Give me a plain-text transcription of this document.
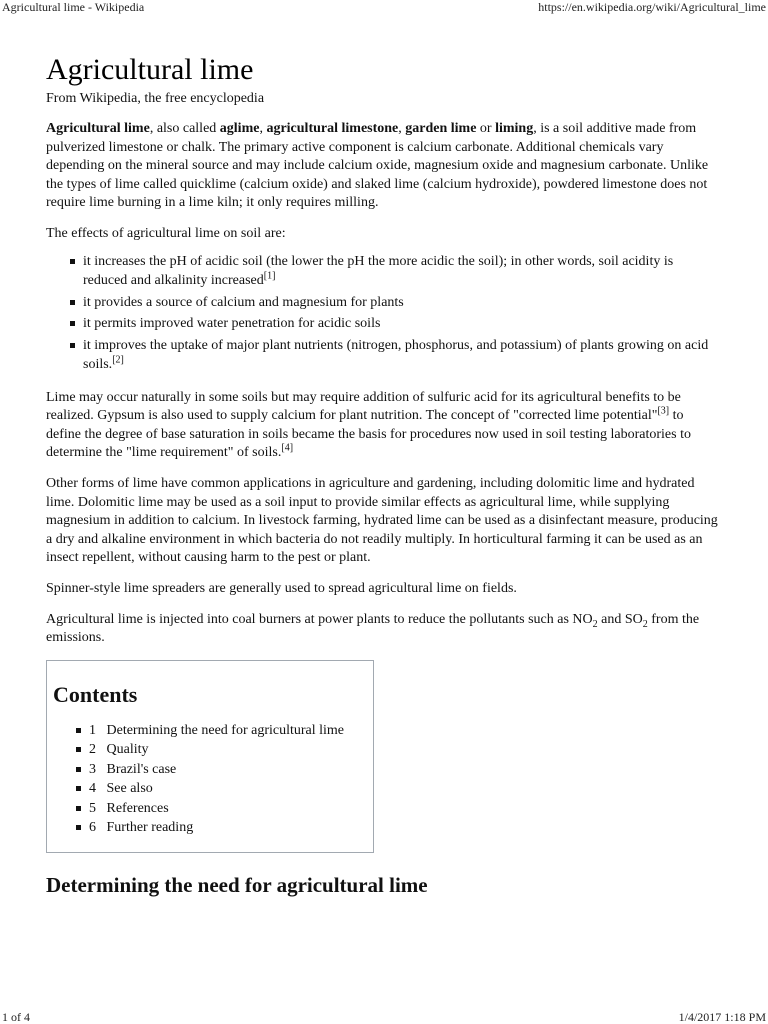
Agricultural lime - Wikipedia	https://en.wikipedia.org/wiki/Agricultural_lime
Agricultural lime
From Wikipedia, the free encyclopedia

Agricultural lime, also called aglime, agricultural limestone, garden lime or liming, is a soil additive made from pulverized limestone or chalk. The primary active component is calcium carbonate. Additional chemicals vary depending on the mineral source and may include calcium oxide, magnesium oxide and magnesium carbonate. Unlike the types of lime called quicklime (calcium oxide) and slaked lime (calcium hydroxide), powdered limestone does not require lime burning in a lime kiln; it only requires milling.

The effects of agricultural lime on soil are:

it increases the pH of acidic soil (the lower the pH the more acidic the soil); in other words, soil acidity is reduced and alkalinity increased[1]
it provides a source of calcium and magnesium for plants
it permits improved water penetration for acidic soils
it improves the uptake of major plant nutrients (nitrogen, phosphorus, and potassium) of plants growing on acid soils.[2]

Lime may occur naturally in some soils but may require addition of sulfuric acid for its agricultural benefits to be realized. Gypsum is also used to supply calcium for plant nutrition. The concept of "corrected lime potential"[3] to define the degree of base saturation in soils became the basis for procedures now used in soil testing laboratories to determine the "lime requirement" of soils.[4]

Other forms of lime have common applications in agriculture and gardening, including dolomitic lime and hydrated lime. Dolomitic lime may be used as a soil input to provide similar effects as agricultural lime, while supplying magnesium in addition to calcium. In livestock farming, hydrated lime can be used as a disinfectant measure, producing a dry and alkaline environment in which bacteria do not readily multiply. In horticultural farming it can be used as an insect repellent, without causing harm to the pest or plant.

Spinner-style lime spreaders are generally used to spread agricultural lime on fields.

Agricultural lime is injected into coal burners at power plants to reduce the pollutants such as $NO_2$ and $SO_2$ from the emissions.

Contents
1 Determining the need for agricultural lime
2 Quality
3 Brazil's case
4 See also
5 References
6 Further reading
Determining the need for agricultural lime
1 of 4	1/4/2017 1:18 PM
